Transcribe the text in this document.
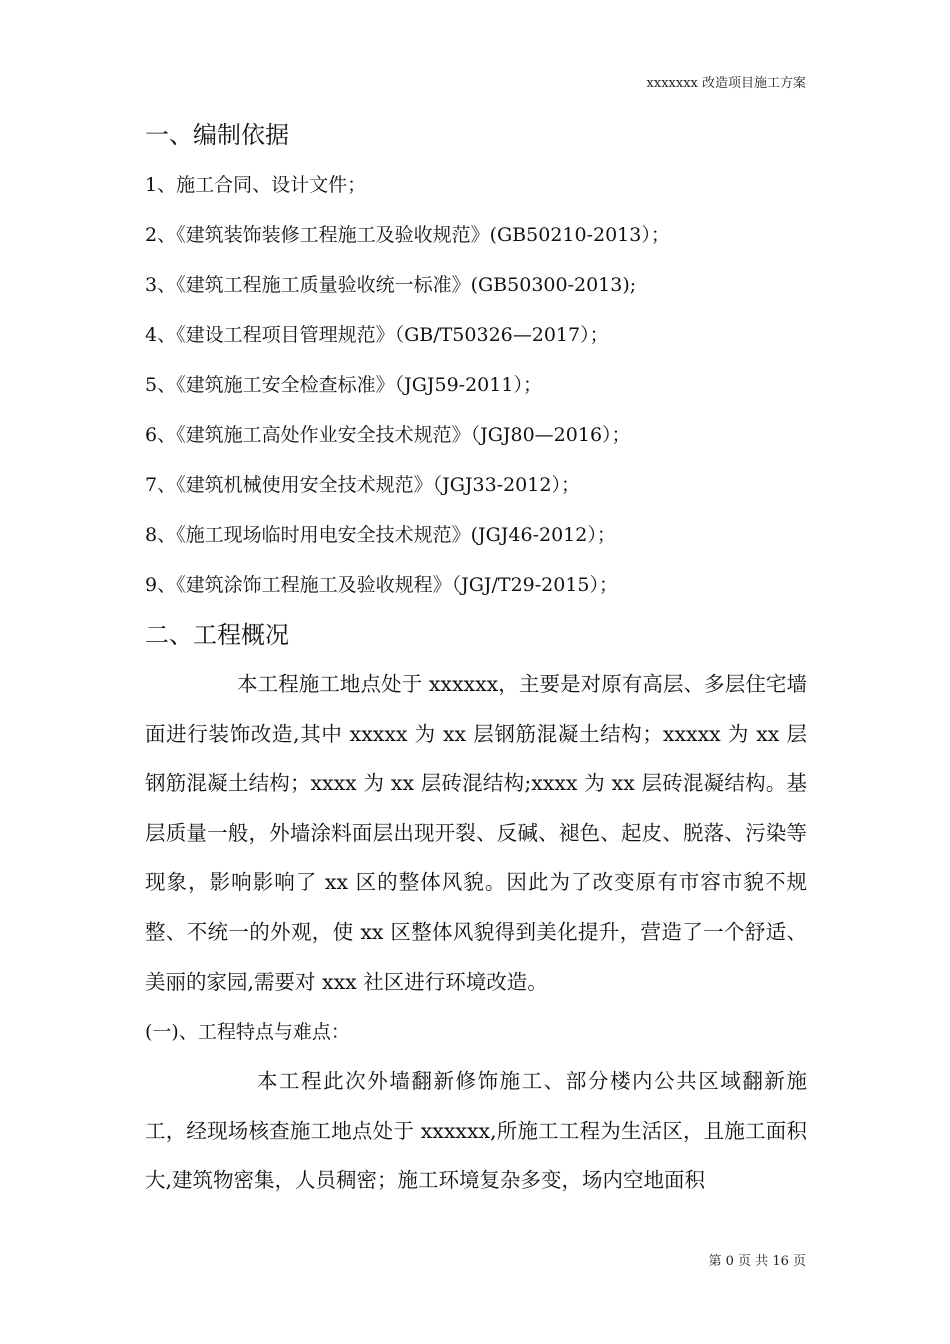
xxxxxxx 改造项目施工方案
一、编制依据
1、施工合同、设计文件；
2、《建筑装饰装修工程施工及验收规范》(GB50210-2013）；
3、《建筑工程施工质量验收统一标准》(GB50300-2013);
4、《建设工程项目管理规范》（GB/T50326—2017）；
5、《建筑施工安全检查标准》（JGJ59-2011）；
6、《建筑施工高处作业安全技术规范》（JGJ80—2016）；
7、《建筑机械使用安全技术规范》（JGJ33-2012）；
8、《施工现场临时用电安全技术规范》(JGJ46-2012）；
9、《建筑涂饰工程施工及验收规程》（JGJ/T29-2015）；
二、工程概况

本工程施工地点处于 xxxxxx，主要是对原有高层、多层住宅墙面进行装饰改造,其中 xxxxx 为 xx 层钢筋混凝土结构；xxxxx 为 xx 层钢筋混凝土结构；xxxx 为 xx 层砖混结构;xxxx 为 xx 层砖混凝结构。基层质量一般，外墙涂料面层出现开裂、反碱、褪色、起皮、脱落、污染等现象，影响影响了 xx 区的整体风貌。因此为了改变原有市容市貌不规整、不统一的外观，使 xx 区整体风貌得到美化提升，营造了一个舒适、美丽的家园,需要对 xxx 社区进行环境改造。

(一)、工程特点与难点：

本工程此次外墙翻新修饰施工、部分楼内公共区域翻新施工，经现场核查施工地点处于 xxxxxx,所施工工程为生活区，且施工面积大,建筑物密集，人员稠密；施工环境复杂多变，场内空地面积

第 0 页 共 16 页
